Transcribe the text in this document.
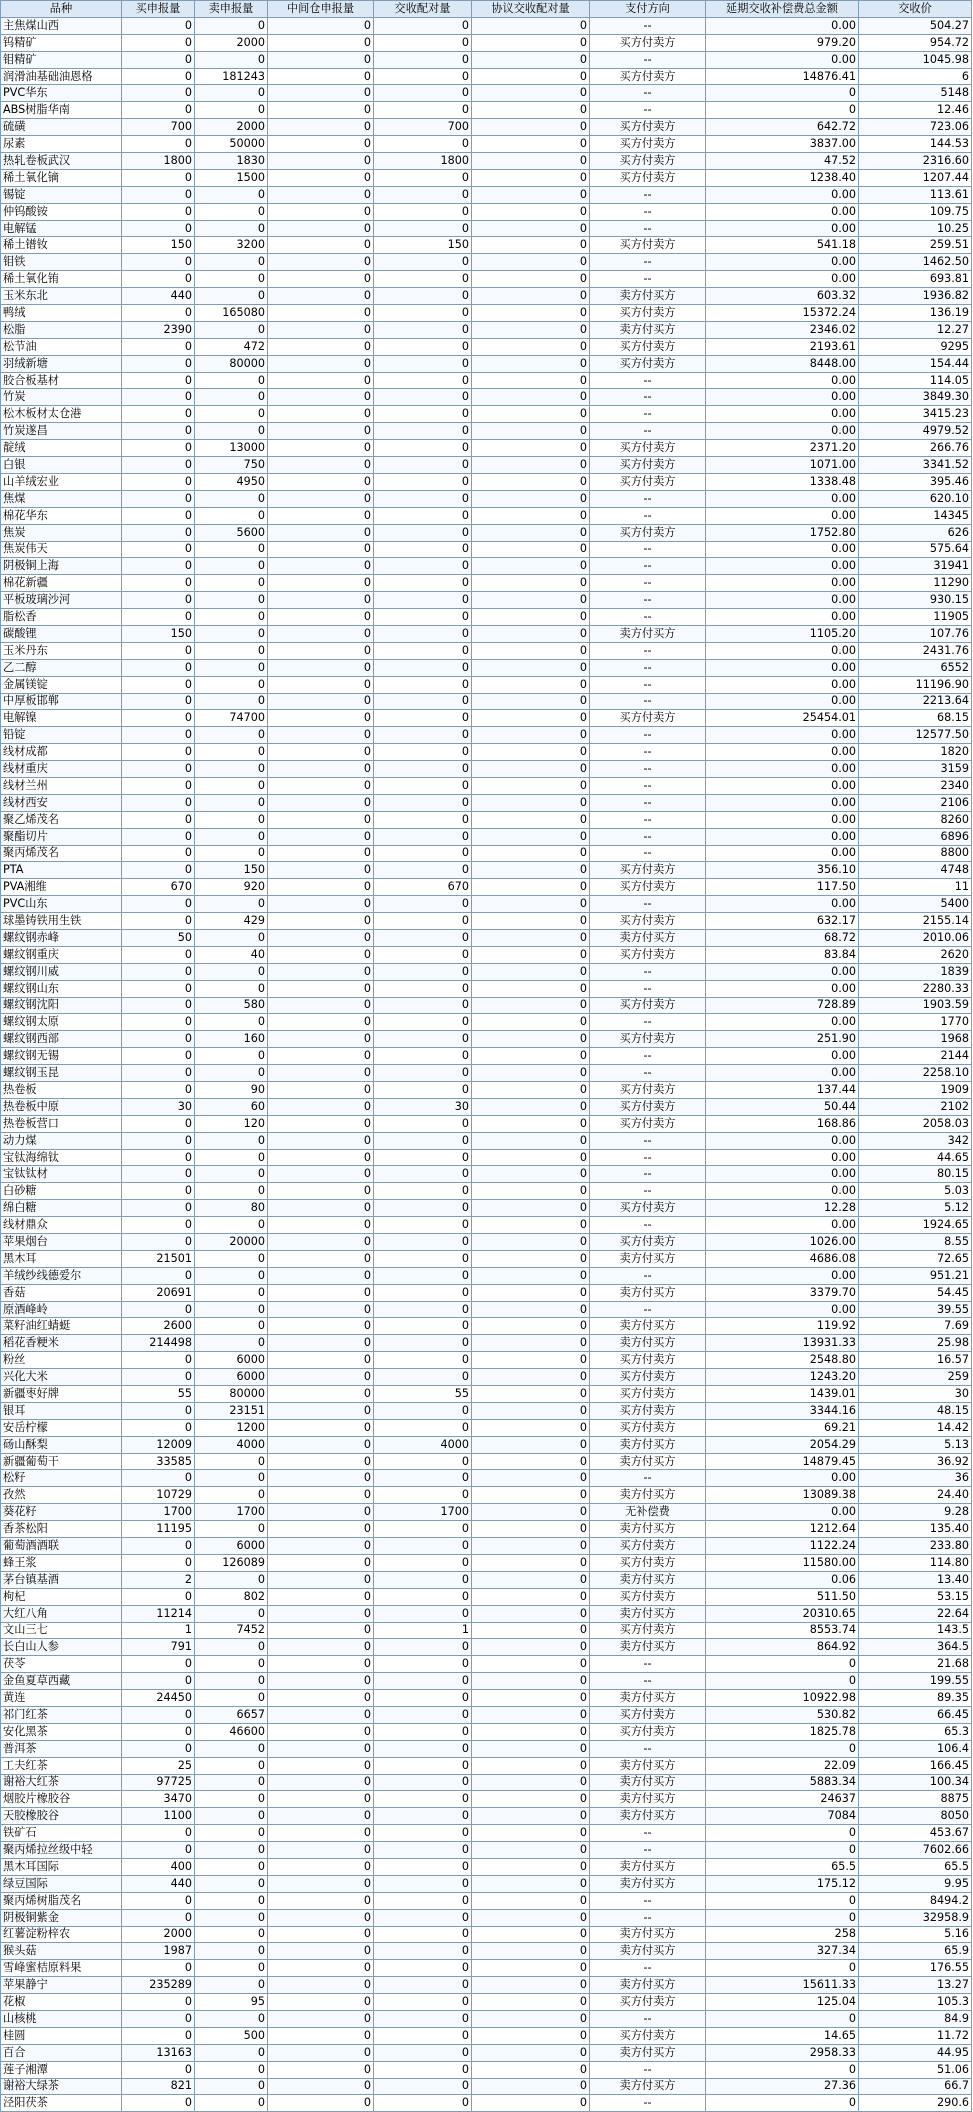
品种	买申报量	卖申报量	中间仓申报量	交收配对量	协议交收配对量	支付方向	延期交收补偿费总金额	交收价
主焦煤山西	0	0	0	0	0	--	0.00	504.27
钨精矿	0	2000	0	0	0	买方付卖方	979.20	954.72
钼精矿	0	0	0	0	0	--	0.00	1045.98
润滑油基础油恩格	0	181243	0	0	0	买方付卖方	14876.41	6
PVC华东	0	0	0	0	0	--	0	5148
ABS树脂华南	0	0	0	0	0	--	0	12.46
硫磺	700	2000	0	700	0	买方付卖方	642.72	723.06
尿素	0	50000	0	0	0	买方付卖方	3837.00	144.53
热轧卷板武汉	1800	1830	0	1800	0	买方付卖方	47.52	2316.60
稀土氧化镝	0	1500	0	0	0	买方付卖方	1238.40	1207.44
锡锭	0	0	0	0	0	--	0.00	113.61
仲钨酸铵	0	0	0	0	0	--	0.00	109.75
电解锰	0	0	0	0	0	--	0.00	10.25
稀土镨钕	150	3200	0	150	0	买方付卖方	541.18	259.51
钼铁	0	0	0	0	0	--	0.00	1462.50
稀土氧化铕	0	0	0	0	0	--	0.00	693.81
玉米东北	440	0	0	0	0	卖方付买方	603.32	1936.82
鸭绒	0	165080	0	0	0	买方付卖方	15372.24	136.19
松脂	2390	0	0	0	0	卖方付买方	2346.02	12.27
松节油	0	472	0	0	0	买方付卖方	2193.61	9295
羽绒新塘	0	80000	0	0	0	买方付卖方	8448.00	154.44
胶合板基材	0	0	0	0	0	--	0.00	114.05
竹炭	0	0	0	0	0	--	0.00	3849.30
松木板材太仓港	0	0	0	0	0	--	0.00	3415.23
竹炭遂昌	0	0	0	0	0	--	0.00	4979.52
靛绒	0	13000	0	0	0	买方付卖方	2371.20	266.76
白银	0	750	0	0	0	买方付卖方	1071.00	3341.52
山羊绒宏业	0	4950	0	0	0	买方付卖方	1338.48	395.46
焦煤	0	0	0	0	0	--	0.00	620.10
棉花华东	0	0	0	0	0	--	0.00	14345
焦炭	0	5600	0	0	0	买方付卖方	1752.80	626
焦炭伟天	0	0	0	0	0	--	0.00	575.64
阴极铜上海	0	0	0	0	0	--	0.00	31941
棉花新疆	0	0	0	0	0	--	0.00	11290
平板玻璃沙河	0	0	0	0	0	--	0.00	930.15
脂松香	0	0	0	0	0	--	0.00	11905
碳酸锂	150	0	0	0	0	卖方付买方	1105.20	107.76
玉米丹东	0	0	0	0	0	--	0.00	2431.76
乙二醇	0	0	0	0	0	--	0.00	6552
金属镁锭	0	0	0	0	0	--	0.00	11196.90
中厚板邯郸	0	0	0	0	0	--	0.00	2213.64
电解镍	0	74700	0	0	0	买方付卖方	25454.01	68.15
铅锭	0	0	0	0	0	--	0.00	12577.50
线材成都	0	0	0	0	0	--	0.00	1820
线材重庆	0	0	0	0	0	--	0.00	3159
线材兰州	0	0	0	0	0	--	0.00	2340
线材西安	0	0	0	0	0	--	0.00	2106
聚乙烯茂名	0	0	0	0	0	--	0.00	8260
聚酯切片	0	0	0	0	0	--	0.00	6896
聚丙烯茂名	0	0	0	0	0	--	0.00	8800
PTA	0	150	0	0	0	买方付卖方	356.10	4748
PVA湘维	670	920	0	670	0	买方付卖方	117.50	11
PVC山东	0	0	0	0	0	--	0.00	5400
球墨铸铁用生铁	0	429	0	0	0	买方付卖方	632.17	2155.14
螺纹钢赤峰	50	0	0	0	0	卖方付买方	68.72	2010.06
螺纹钢重庆	0	40	0	0	0	买方付卖方	83.84	2620
螺纹钢川威	0	0	0	0	0	--	0.00	1839
螺纹钢山东	0	0	0	0	0	--	0.00	2280.33
螺纹钢沈阳	0	580	0	0	0	买方付卖方	728.89	1903.59
螺纹钢太原	0	0	0	0	0	--	0.00	1770
螺纹钢西部	0	160	0	0	0	买方付卖方	251.90	1968
螺纹钢无锡	0	0	0	0	0	--	0.00	2144
螺纹钢玉昆	0	0	0	0	0	--	0.00	2258.10
热卷板	0	90	0	0	0	买方付卖方	137.44	1909
热卷板中原	30	60	0	30	0	买方付卖方	50.44	2102
热卷板营口	0	120	0	0	0	买方付卖方	168.86	2058.03
动力煤	0	0	0	0	0	--	0.00	342
宝钛海绵钛	0	0	0	0	0	--	0.00	44.65
宝钛钛材	0	0	0	0	0	--	0.00	80.15
白砂糖	0	0	0	0	0	--	0.00	5.03
绵白糖	0	80	0	0	0	买方付卖方	12.28	5.12
线材鼎众	0	0	0	0	0	--	0.00	1924.65
苹果烟台	0	20000	0	0	0	买方付卖方	1026.00	8.55
黑木耳	21501	0	0	0	0	卖方付买方	4686.08	72.65
羊绒纱线德爱尔	0	0	0	0	0	--	0.00	951.21
香菇	20691	0	0	0	0	卖方付买方	3379.70	54.45
原酒峰岭	0	0	0	0	0	--	0.00	39.55
菜籽油红蜻蜓	2600	0	0	0	0	卖方付买方	119.92	7.69
稻花香粳米	214498	0	0	0	0	卖方付买方	13931.33	25.98
粉丝	0	6000	0	0	0	买方付卖方	2548.80	16.57
兴化大米	0	6000	0	0	0	买方付卖方	1243.20	259
新疆枣好牌	55	80000	0	55	0	买方付卖方	1439.01	30
银耳	0	23151	0	0	0	买方付卖方	3344.16	48.15
安岳柠檬	0	1200	0	0	0	买方付卖方	69.21	14.42
砀山酥梨	12009	4000	0	4000	0	卖方付买方	2054.29	5.13
新疆葡萄干	33585	0	0	0	0	卖方付买方	14879.45	36.92
松籽	0	0	0	0	0	--	0.00	36
孜然	10729	0	0	0	0	卖方付买方	13089.38	24.40
葵花籽	1700	1700	0	1700	0	无补偿费	0.00	9.28
香茶松阳	11195	0	0	0	0	卖方付买方	1212.64	135.40
葡萄酒酒联	0	6000	0	0	0	买方付卖方	1122.24	233.80
蜂王浆	0	126089	0	0	0	买方付卖方	11580.00	114.80
茅台镇基酒	2	0	0	0	0	卖方付买方	0.06	13.40
枸杞	0	802	0	0	0	买方付卖方	511.50	53.15
大红八角	11214	0	0	0	0	卖方付买方	20310.65	22.64
文山三七	1	7452	0	1	0	买方付卖方	8553.74	143.5
长白山人参	791	0	0	0	0	卖方付买方	864.92	364.5
茯苓	0	0	0	0	0	--	0	21.68
金鱼夏草西藏	0	0	0	0	0	--	0	199.55
黄连	24450	0	0	0	0	卖方付买方	10922.98	89.35
祁门红茶	0	6657	0	0	0	买方付卖方	530.82	66.45
安化黑茶	0	46600	0	0	0	买方付卖方	1825.78	65.3
普洱茶	0	0	0	0	0	--	0	106.4
工夫红茶	25	0	0	0	0	卖方付买方	22.09	166.45
谢裕大红茶	97725	0	0	0	0	卖方付买方	5883.34	100.34
烟胶片橡胶谷	3470	0	0	0	0	卖方付买方	24637	8875
天胶橡胶谷	1100	0	0	0	0	卖方付买方	7084	8050
铁矿石	0	0	0	0	0	--	0	453.67
聚丙烯拉丝级中轻	0	0	0	0	0	--	0	7602.66
黑木耳国际	400	0	0	0	0	卖方付买方	65.5	65.5
绿豆国际	440	0	0	0	0	卖方付买方	175.12	9.95
聚丙烯树脂茂名	0	0	0	0	0	--	0	8494.2
阴极铜紫金	0	0	0	0	0	--	0	32958.9
红薯淀粉梓农	2000	0	0	0	0	卖方付买方	258	5.16
猴头菇	1987	0	0	0	0	卖方付买方	327.34	65.9
雪峰蜜桔原料果	0	0	0	0	0	--	0	176.55
苹果静宁	235289	0	0	0	0	卖方付买方	15611.33	13.27
花椒	0	95	0	0	0	买方付卖方	125.04	105.3
山核桃	0	0	0	0	0	--	0	84.9
桂圆	0	500	0	0	0	买方付卖方	14.65	11.72
百合	13163	0	0	0	0	卖方付买方	2958.33	44.95
莲子湘潭	0	0	0	0	0	--	0	51.06
谢裕大绿茶	821	0	0	0	0	卖方付买方	27.36	66.7
泾阳茯茶	0	0	0	0	0	--	0	290.6
